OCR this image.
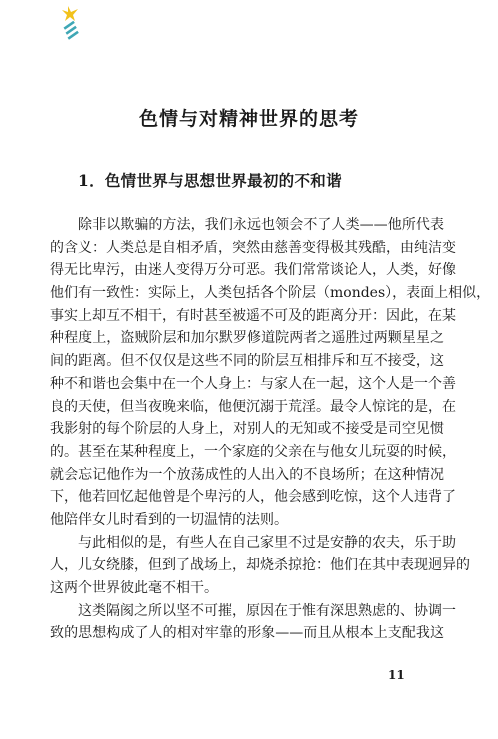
色情与对精神世界的思考
1．色情世界与思想世界最初的不和谐
除非以欺骗的方法，我们永远也领会不了人类——他所代表
的含义：人类总是自相矛盾，突然由慈善变得极其残酷，由纯洁变
得无比卑污，由迷人变得万分可恶。我们常常谈论人，人类，好像
他们有一致性：实际上，人类包括各个阶层（mondes），表面上相似，
事实上却互不相干，有时甚至被遥不可及的距离分开：因此，在某
种程度上，盗贼阶层和加尔默罗修道院两者之遥胜过两颗星星之
间的距离。但不仅仅是这些不同的阶层互相排斥和互不接受，这
种不和谐也会集中在一个人身上：与家人在一起，这个人是一个善
良的天使，但当夜晚来临，他便沉溺于荒淫。最令人惊诧的是，在
我影射的每个阶层的人身上，对别人的无知或不接受是司空见惯
的。甚至在某种程度上，一个家庭的父亲在与他女儿玩耍的时候，
就会忘记他作为一个放荡成性的人出入的不良场所；在这种情况
下，他若回忆起他曾是个卑污的人，他会感到吃惊，这个人违背了
他陪伴女儿时看到的一切温情的法则。
与此相似的是，有些人在自己家里不过是安静的农夫，乐于助
人，儿女绕膝，但到了战场上，却烧杀掠抢：他们在其中表现迥异的
这两个世界彼此毫不相干。
这类隔阂之所以坚不可摧，原因在于惟有深思熟虑的、协调一
致的思想构成了人的相对牢靠的形象——而且从根本上支配我这
11
